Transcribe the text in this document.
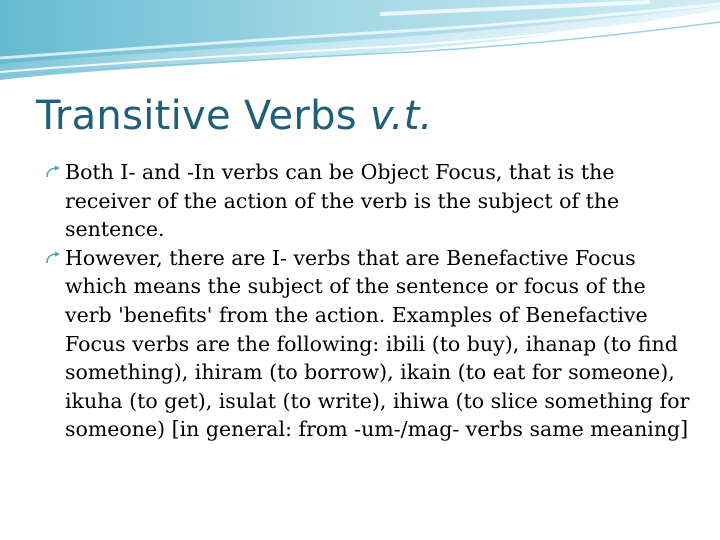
Transitive Verbs v.t.
Both I- and -In verbs can be Object Focus, that is the receiver of the action of the verb is the subject of the sentence.
However, there are I- verbs that are Benefactive Focus which means the subject of the sentence or focus of the verb 'benefits' from the action. Examples of Benefactive Focus verbs are the following: ibili (to buy), ihanap (to find something), ihiram (to borrow), ikain (to eat for someone), ikuha (to get), isulat (to write), ihiwa (to slice something for someone) [in general: from -um-/mag- verbs same meaning]
